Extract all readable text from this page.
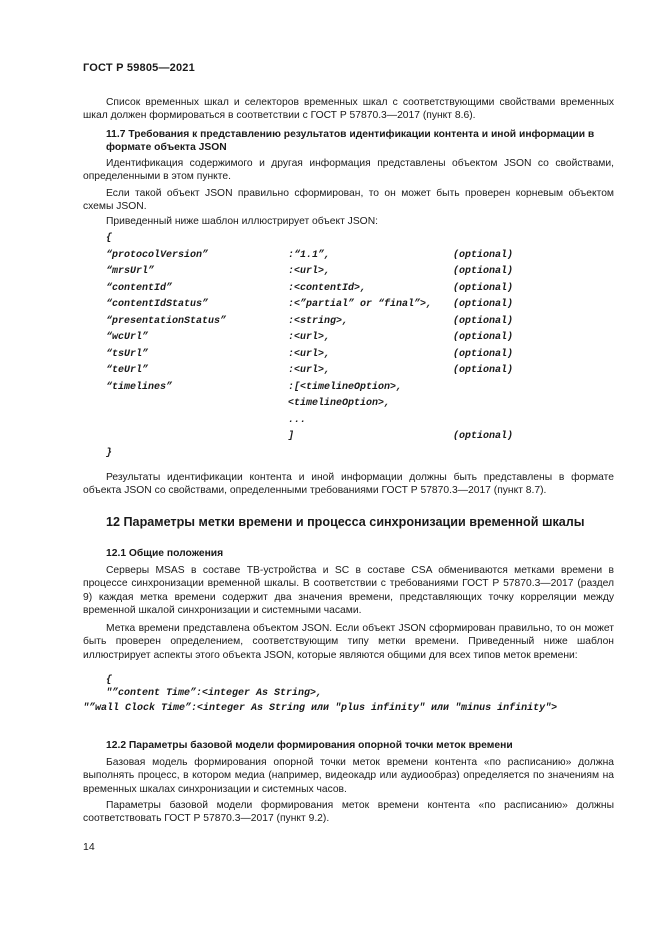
ГОСТ Р 59805—2021

Список временных шкал и селекторов временных шкал с соответствующими свойствами временных шкал должен формироваться в соответствии с ГОСТ Р 57870.3—2017 (пункт 8.6).

11.7 Требования к представлению результатов идентификации контента и иной информации в формате объекта JSON

Идентификация содержимого и другая информация представлены объектом JSON со свойствами, определенными в этом пункте.

Если такой объект JSON правильно сформирован, то он может быть проверен корневым объектом схемы JSON.

Приведенный ниже шаблон иллюстрирует объект JSON:

{
“protocolVersion”	:“1.1”,	(optional)
“mrsUrl”	:<url>,	(optional)
“contentId”	:<contentId>,	(optional)
“contentIdStatus”	:<”partial” or “final”>, (optional)
“presentationStatus”	:<string>,	(optional)
“wcUrl”	:<url>,	(optional)
“tsUrl”	:<url>,	(optional)
“teUrl”	:<url>,	(optional)
“timelines”	:[<timelineOption>,
<timelineOption>,
...
]	(optional)
}

Результаты идентификации контента и иной информации должны быть представлены в формате объекта JSON со свойствами, определенными требованиями ГОСТ Р 57870.3—2017 (пункт 8.7).

12 Параметры метки времени и процесса синхронизации временной шкалы
12.1 Общие положения

Серверы MSAS в составе ТВ-устройства и SC в составе CSA обмениваются метками времени в процессе синхронизации временной шкалы. В соответствии с требованиями ГОСТ Р 57870.3—2017 (раздел 9) каждая метка времени содержит два значения времени, представляющих точку корреляции между временной шкалой синхронизации и системными часами.

Метка времени представлена объектом JSON. Если объект JSON сформирован правильно, то он может быть проверен определением, соответствующим типу метки времени. Приведенный ниже шаблон иллюстрирует аспекты этого объекта JSON, которые являются общими для всех типов меток времени:

{
"”content Time”:<integer As String>,
"”wall Clock Time”:<integer As String или "plus infinity" или "minus infinity">
12.2 Параметры базовой модели формирования опорной точки меток времени

Базовая модель формирования опорной точки меток времени контента «по расписанию» должна выполнять процесс, в котором медиа (например, видеокадр или аудиообраз) определяется по значениям на временных шкалах синхронизации и системных часов.

Параметры базовой модели формирования меток времени контента «по расписанию» должны соответствовать ГОСТ Р 57870.3—2017 (пункт 9.2).

14
